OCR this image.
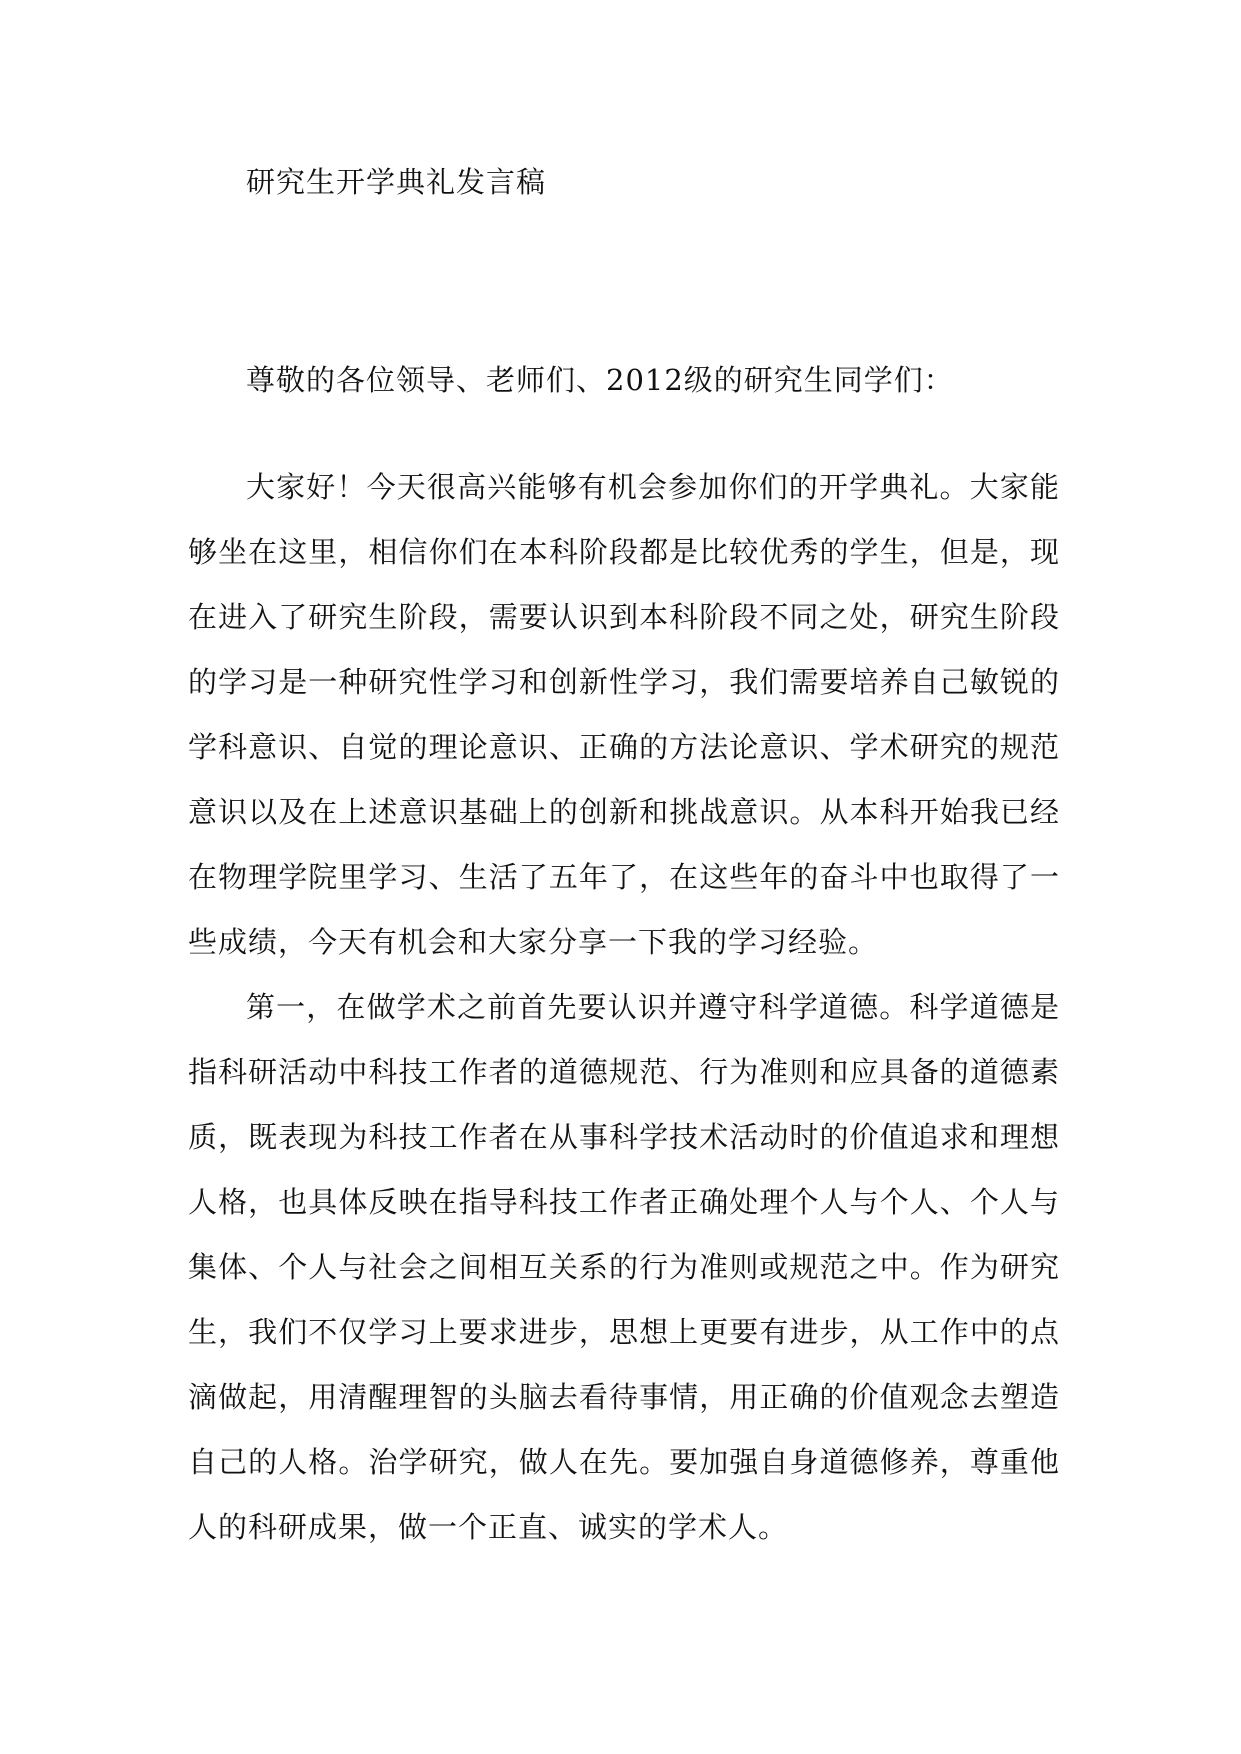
研究生开学典礼发言稿

尊敬的各位领导、老师们、2012级的研究生同学们：

大家好！今天很高兴能够有机会参加你们的开学典礼。大家能够坐在这里，相信你们在本科阶段都是比较优秀的学生，但是，现在进入了研究生阶段，需要认识到本科阶段不同之处，研究生阶段的学习是一种研究性学习和创新性学习，我们需要培养自己敏锐的学科意识、自觉的理论意识、正确的方法论意识、学术研究的规范意识以及在上述意识基础上的创新和挑战意识。从本科开始我已经在物理学院里学习、生活了五年了，在这些年的奋斗中也取得了一些成绩，今天有机会和大家分享一下我的学习经验。

第一，在做学术之前首先要认识并遵守科学道德。科学道德是指科研活动中科技工作者的道德规范、行为准则和应具备的道德素质，既表现为科技工作者在从事科学技术活动时的价值追求和理想人格，也具体反映在指导科技工作者正确处理个人与个人、个人与集体、个人与社会之间相互关系的行为准则或规范之中。作为研究生，我们不仅学习上要求进步，思想上更要有进步，从工作中的点滴做起，用清醒理智的头脑去看待事情，用正确的价值观念去塑造自己的人格。治学研究，做人在先。要加强自身道德修养，尊重他人的科研成果，做一个正直、诚实的学术人。
